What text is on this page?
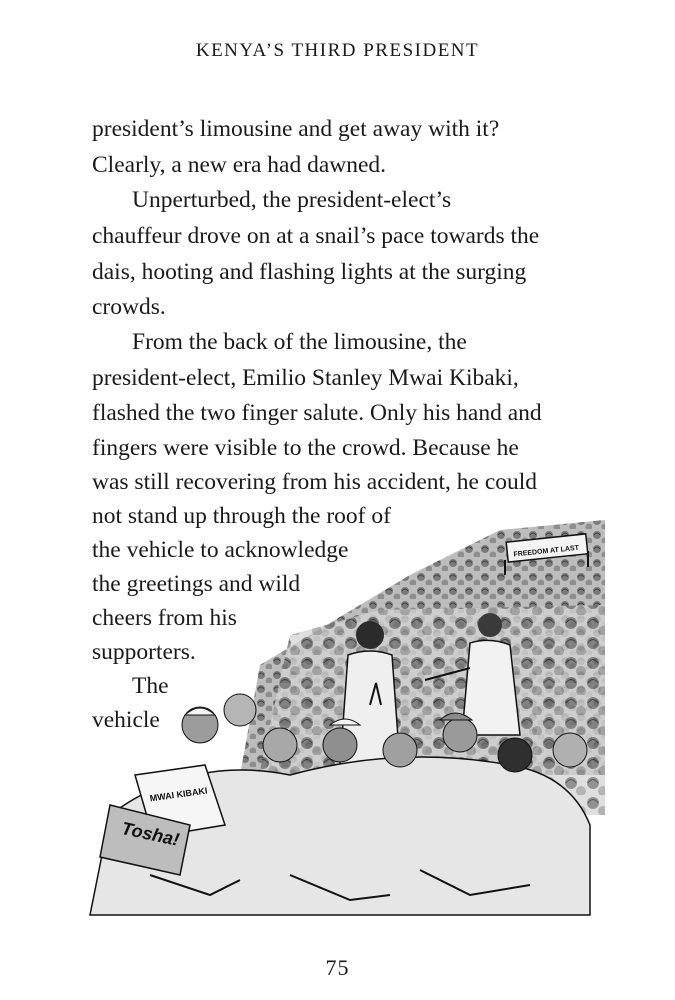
KENYA’S THIRD PRESIDENT
president’s limousine and get away with it?
Clearly, a new era had dawned.
Unperturbed, the president-elect’s
chauffeur drove on at a snail’s pace towards the
dais, hooting and flashing lights at the surging
crowds.
From the back of the limousine, the
president-elect, Emilio Stanley Mwai Kibaki,
flashed the two finger salute. Only his hand and
fingers were visible to the crowd. Because he
was still recovering from his accident, he could
not stand up through the roof of
the vehicle to acknowledge
the greetings and wild
cheers from his
supporters.
The
vehicle
FREEDOM AT LAST
MWAI KIBAKI
Tosha!
75
